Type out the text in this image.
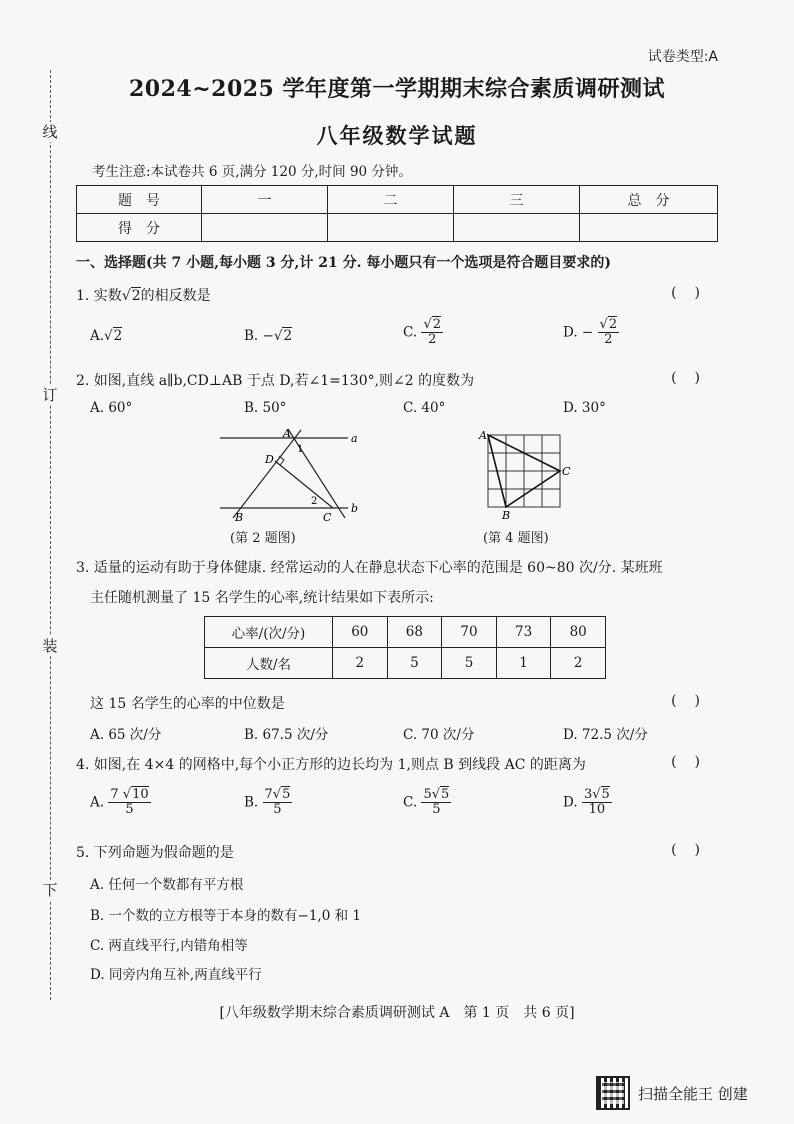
线
订
装
下
试卷类型:A
2024~2025 学年度第一学期期末综合素质调研测试
八年级数学试题
考生注意:本试卷共 6 页,满分 120 分,时间 90 分钟。
题　号	一	二	三	总　分
得　分				
一、选择题(共 7 小题,每小题 3 分,计 21 分. 每小题只有一个选项是符合题目要求的)
1. 实数√2的相反数是	()
A.√2	B. −√2	C. $\frac{√2}{2}$	D. − $\frac{√2}{2}$
2. 如图,直线 a∥b,CD⊥AB 于点 D,若∠1=130°,则∠2 的度数为	()
A. 60°	B. 50°	C. 40°	D. 30°
A
1
D
2
a
b
B	C
(第 2 题图)
A
C
B
(第 4 题图)
3. 适量的运动有助于身体健康. 经常运动的人在静息状态下心率的范围是 60~80 次/分. 某班班
主任随机测量了 15 名学生的心率,统计结果如下表所示:
心率/(次/分)	60	68	70	73	80
人数/名	2	5	5	1	2
这 15 名学生的心率的中位数是	()
A. 65 次/分	B. 67.5 次/分	C. 70 次/分	D. 72.5 次/分
4. 如图,在 4×4 的网格中,每个小正方形的边长均为 1,则点 B 到线段 AC 的距离为	()
A. $\frac{7 √10}{5}$	B. $\frac{7√5}{5}$	C. $\frac{5√5}{5}$	D. $\frac{3√5}{10}$
5. 下列命题为假命题的是	()
A. 任何一个数都有平方根
B. 一个数的立方根等于本身的数有−1,0 和 1
C. 两直线平行,内错角相等
D. 同旁内角互补,两直线平行
[八年级数学期末综合素质调研测试 A　第 1 页　共 6 页]
扫描全能王 创建
